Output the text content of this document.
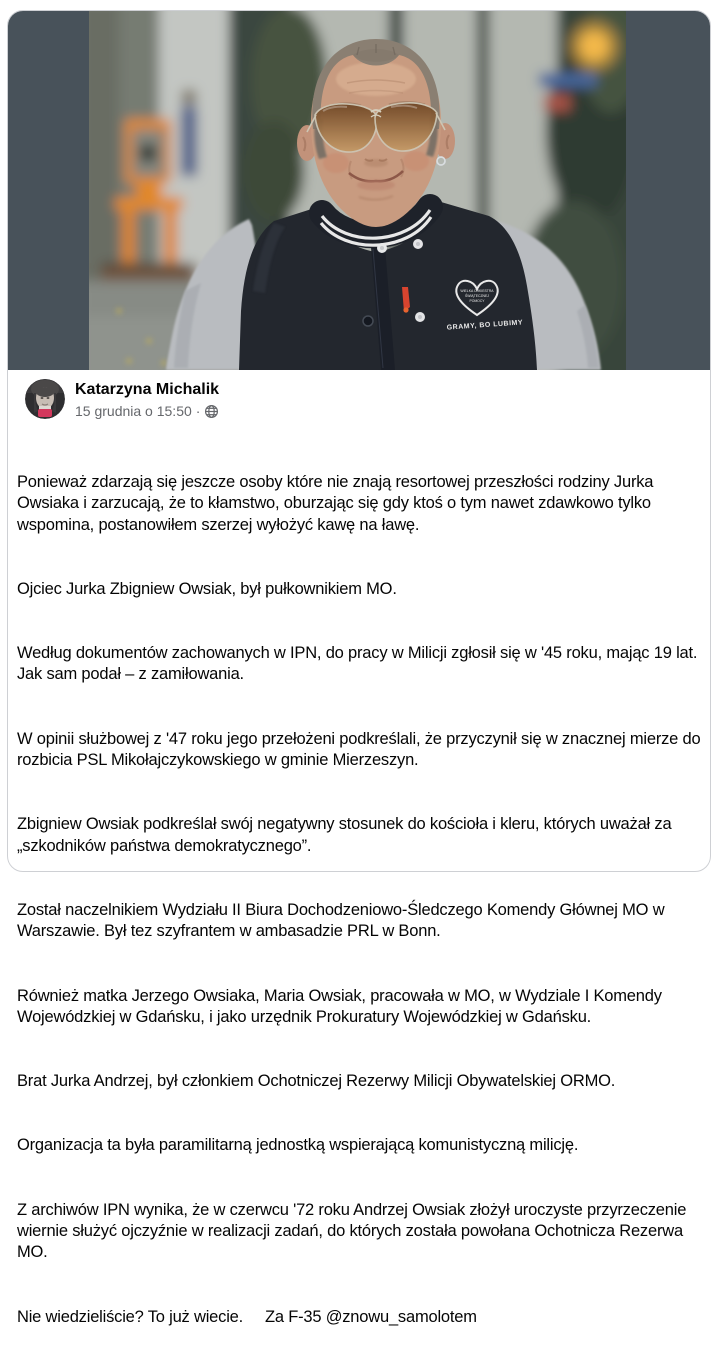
WIELKA ORKIESTRA
ŚWIĄTECZNEJ
POMOCY
GRAMY, BO LUBIMY
Katarzyna Michalik
15 grudnia o 15:50 ·

Ponieważ zdarzają się jeszcze osoby które nie znają resortowej przeszłości rodziny Jurka Owsiaka i zarzucają, że to kłamstwo, oburzając się gdy ktoś o tym nawet zdawkowo tylko wspomina, postanowiłem szerzej wyłożyć kawę na ławę.

Ojciec Jurka Zbigniew Owsiak, był pułkownikiem MO.

Według dokumentów zachowanych w IPN, do pracy w Milicji zgłosił się w '45 roku, mając 19 lat. Jak sam podał – z zamiłowania.

W opinii służbowej z '47 roku jego przełożeni podkreślali, że przyczynił się w znacznej mierze do rozbicia PSL Mikołajczykowskiego w gminie Mierzeszyn.

Zbigniew Owsiak podkreślał swój negatywny stosunek do kościoła i kleru, których uważał za „szkodników państwa demokratycznego”.

Został naczelnikiem Wydziału II Biura Dochodzeniowo-Śledczego Komendy Głównej MO w Warszawie. Był tez szyfrantem w ambasadzie PRL w Bonn.

Również matka Jerzego Owsiaka, Maria Owsiak, pracowała w MO, w Wydziale I Komendy Wojewódzkiej w Gdańsku, i jako urzędnik Prokuratury Wojewódzkiej w Gdańsku.

Brat Jurka Andrzej, był członkiem Ochotniczej Rezerwy Milicji Obywatelskiej ORMO.

Organizacja ta była paramilitarną jednostką wspierającą komunistyczną milicję.

Z archiwów IPN wynika, że w czerwcu '72 roku Andrzej Owsiak złożył uroczyste przyrzeczenie wiernie służyć ojczyźnie w realizacji zadań, do których została powołana Ochotnicza Rezerwa MO.

Nie wiedzieliście? To już wiecie.     Za F-35 @znowu_samolotem
